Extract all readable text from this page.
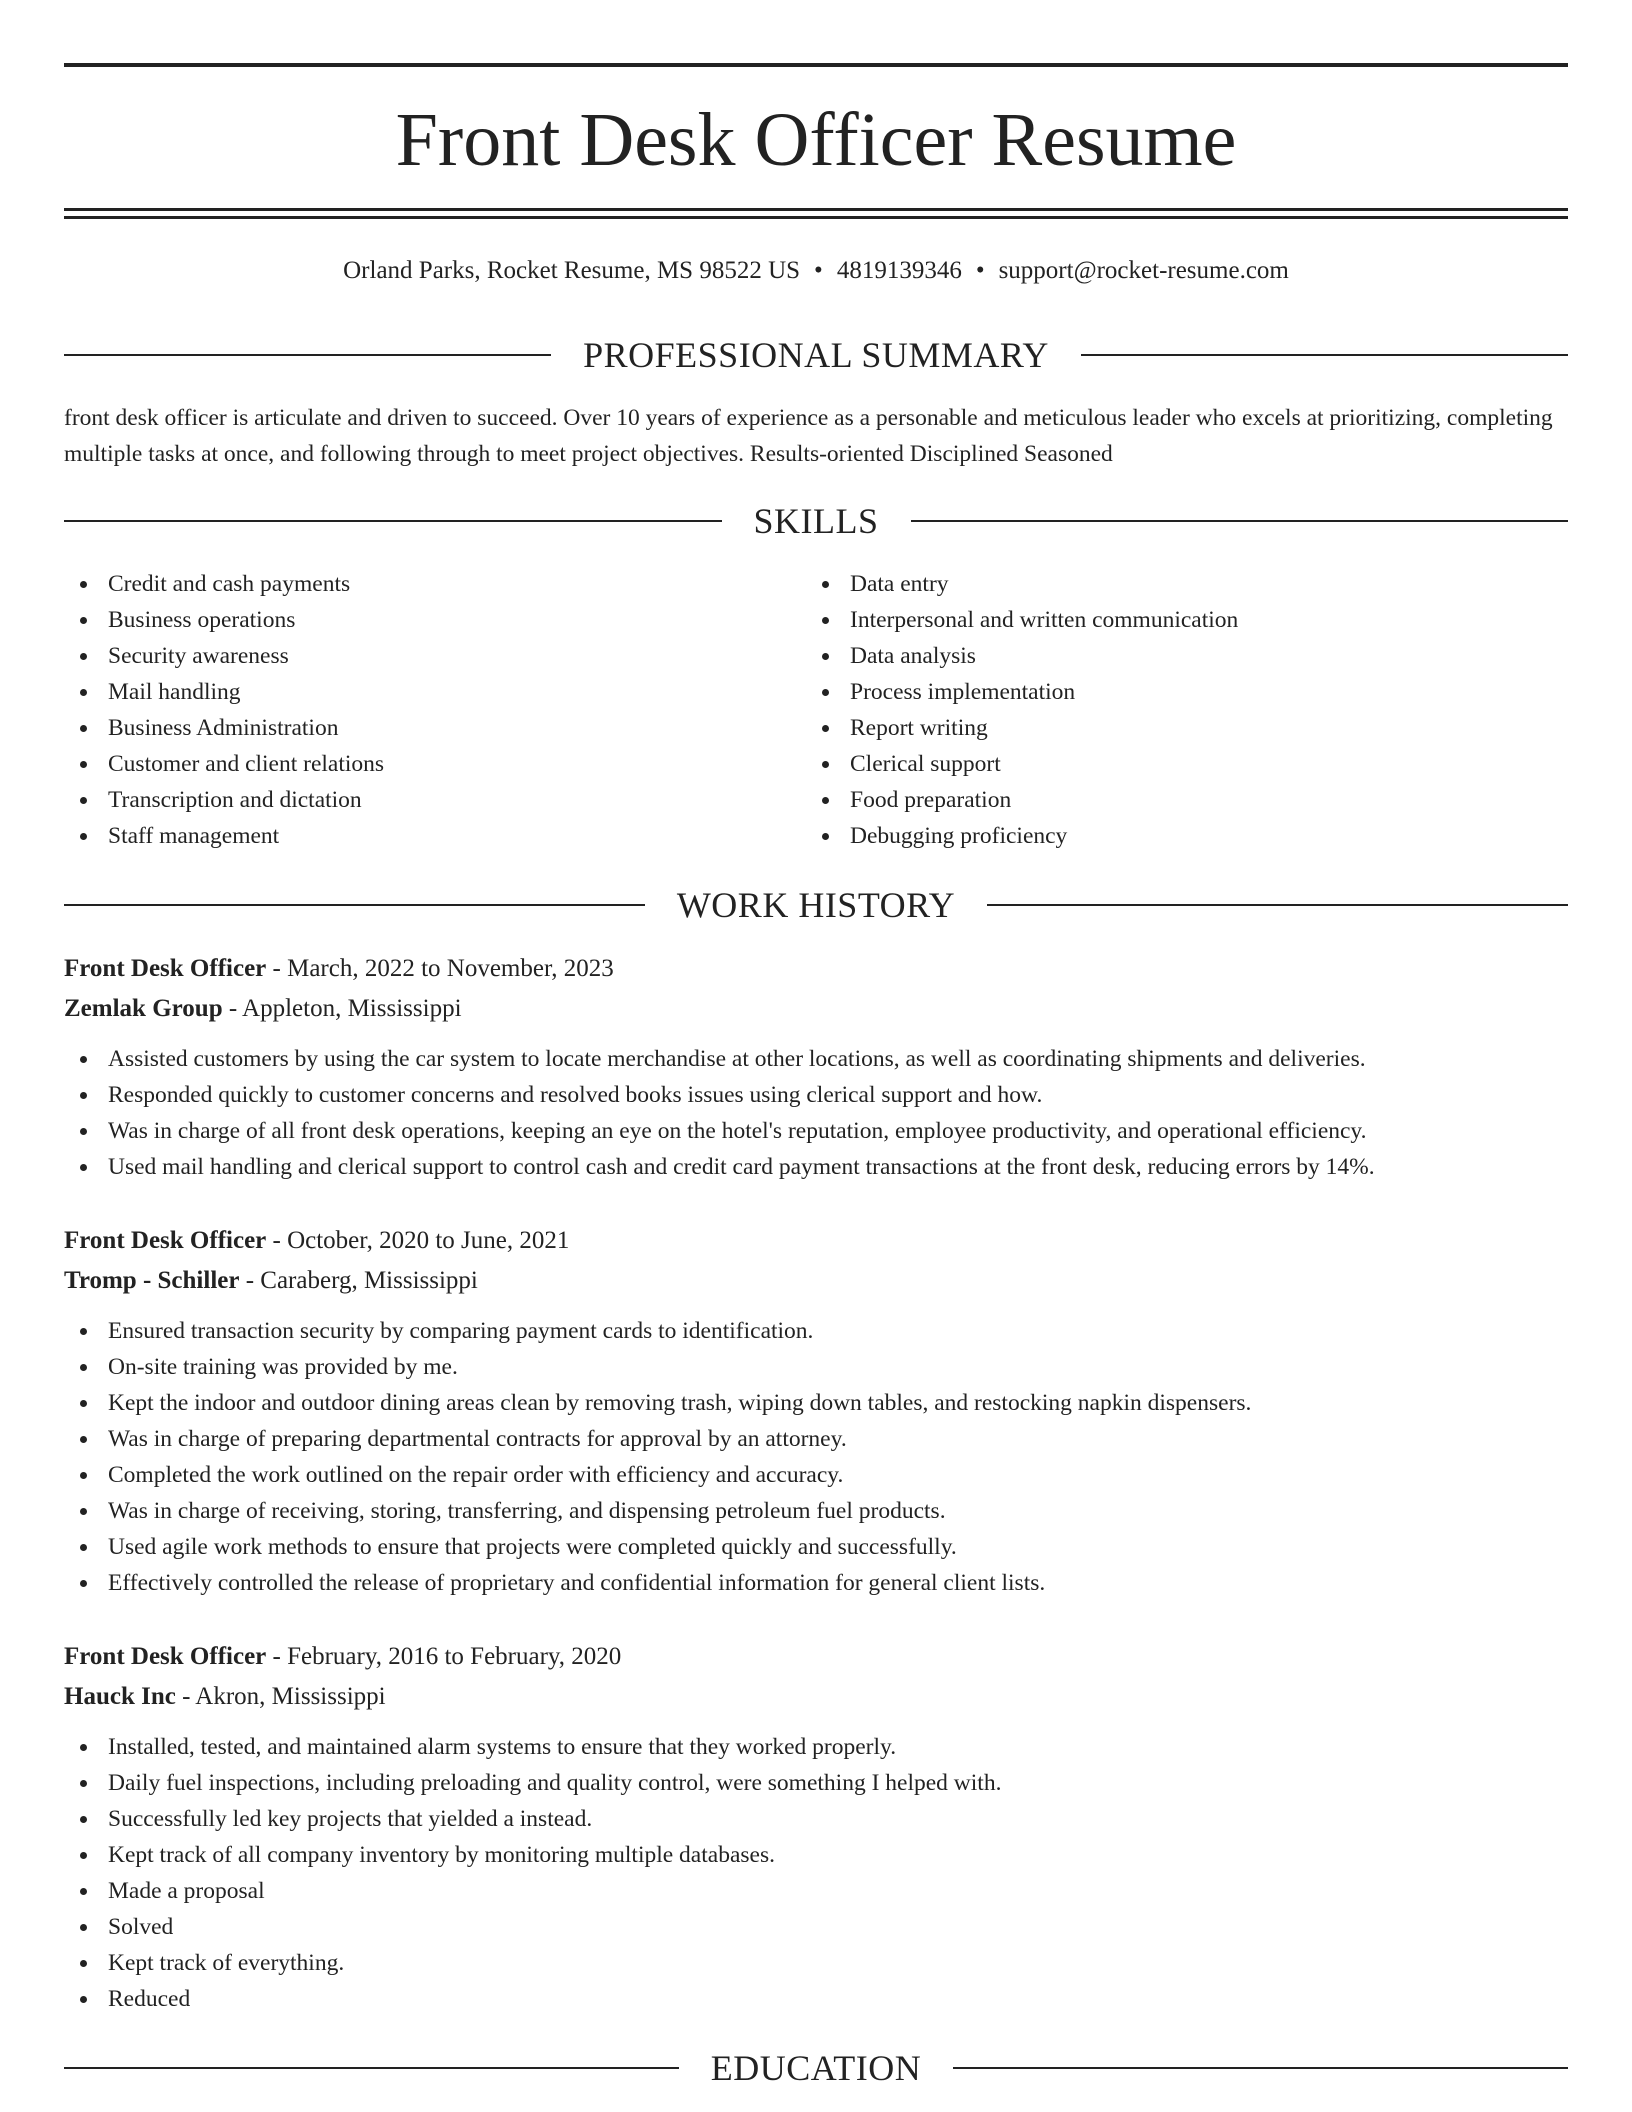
Front Desk Officer Resume
Orland Parks, Rocket Resume, MS 98522 US • 4819139346 • support@rocket-resume.com
PROFESSIONAL SUMMARY

front desk officer is articulate and driven to succeed. Over 10 years of experience as a personable and meticulous leader who excels at prioritizing, completing multiple tasks at once, and following through to meet project objectives. Results-oriented Disciplined Seasoned

SKILLS
Credit and cash payments
Business operations
Security awareness
Mail handling
Business Administration
Customer and client relations
Transcription and dictation
Staff management
Data entry
Interpersonal and written communication
Data analysis
Process implementation
Report writing
Clerical support
Food preparation
Debugging proficiency
WORK HISTORY
Front Desk Officer - March, 2022 to November, 2023
Zemlak Group - Appleton, Mississippi
Assisted customers by using the car system to locate merchandise at other locations, as well as coordinating shipments and deliveries.
Responded quickly to customer concerns and resolved books issues using clerical support and how.
Was in charge of all front desk operations, keeping an eye on the hotel's reputation, employee productivity, and operational efficiency.
Used mail handling and clerical support to control cash and credit card payment transactions at the front desk, reducing errors by 14%.
Front Desk Officer - October, 2020 to June, 2021
Tromp - Schiller - Caraberg, Mississippi
Ensured transaction security by comparing payment cards to identification.
On-site training was provided by me.
Kept the indoor and outdoor dining areas clean by removing trash, wiping down tables, and restocking napkin dispensers.
Was in charge of preparing departmental contracts for approval by an attorney.
Completed the work outlined on the repair order with efficiency and accuracy.
Was in charge of receiving, storing, transferring, and dispensing petroleum fuel products.
Used agile work methods to ensure that projects were completed quickly and successfully.
Effectively controlled the release of proprietary and confidential information for general client lists.
Front Desk Officer - February, 2016 to February, 2020
Hauck Inc - Akron, Mississippi
Installed, tested, and maintained alarm systems to ensure that they worked properly.
Daily fuel inspections, including preloading and quality control, were something I helped with.
Successfully led key projects that yielded a instead.
Kept track of all company inventory by monitoring multiple databases.
Made a proposal
Solved
Kept track of everything.
Reduced
EDUCATION
